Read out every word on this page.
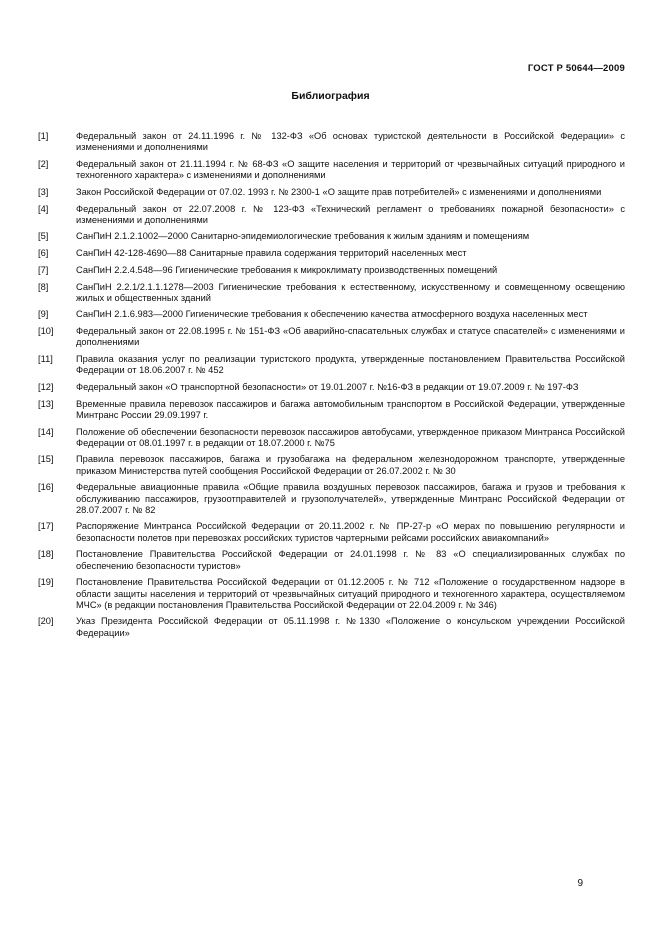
ГОСТ Р 50644—2009
Библиография
[1]	Федеральный закон от 24.11.1996 г. № 132-ФЗ «Об основах туристской деятельности в Российской Федерации» с изменениями и дополнениями
[2]	Федеральный закон от 21.11.1994 г. № 68-ФЗ «О защите населения и территорий от чрезвычайных ситуаций природного и техногенного характера» с изменениями и дополнениями
[3]	Закон Российской Федерации от 07.02. 1993 г. № 2300-1 «О защите прав потребителей» с изменениями и дополнениями
[4]	Федеральный закон от 22.07.2008 г. № 123-ФЗ «Технический регламент о требованиях пожарной безопасности» с изменениями и дополнениями
[5]	СанПиН 2.1.2.1002—2000 Санитарно-эпидемиологические требования к жилым зданиям и помещениям
[6]	СанПиН 42-128-4690—88 Санитарные правила содержания территорий населенных мест
[7]	СанПиН 2.2.4.548—96 Гигиенические требования к микроклимату производственных помещений
[8]	СанПиН 2.2.1/2.1.1.1278—2003 Гигиенические требования к естественному, искусственному и совмещенному освещению жилых и общественных зданий
[9]	СанПиН 2.1.6.983—2000 Гигиенические требования к обеспечению качества атмосферного воздуха населенных мест
[10]	Федеральный закон от 22.08.1995 г. № 151-ФЗ «Об аварийно-спасательных службах и статусе спасателей» с изменениями и дополнениями
[11]	Правила оказания услуг по реализации туристского продукта, утвержденные постановлением Правительства Российской Федерации от 18.06.2007 г. № 452
[12]	Федеральный закон «О транспортной безопасности» от 19.01.2007 г. №16-ФЗ в редакции от 19.07.2009 г. № 197-ФЗ
[13]	Временные правила перевозок пассажиров и багажа автомобильным транспортом в Российской Федерации, утвержденные Минтранс России 29.09.1997 г.
[14]	Положение об обеспечении безопасности перевозок пассажиров автобусами, утвержденное приказом Минтранса Российской Федерации от 08.01.1997 г. в редакции от 18.07.2000 г. №75
[15]	Правила перевозок пассажиров, багажа и грузобагажа на федеральном железнодорожном транспорте, утвержденные приказом Министерства путей сообщения Российской Федерации от 26.07.2002 г. № 30
[16]	Федеральные авиационные правила «Общие правила воздушных перевозок пассажиров, багажа и грузов и требования к обслуживанию пассажиров, грузоотправителей и грузополучателей», утвержденные Минтранс Российской Федерации от 28.07.2007 г. № 82
[17]	Распоряжение Минтранса Российской Федерации от 20.11.2002 г. № ПР-27-р «О мерах по повышению регулярности и безопасности полетов при перевозках российских туристов чартерными рейсами российских авиакомпаний»
[18]	Постановление Правительства Российской Федерации от 24.01.1998 г. № 83 «О специализированных службах по обеспечению безопасности туристов»
[19]	Постановление Правительства Российской Федерации от 01.12.2005 г. № 712 «Положение о государственном надзоре в области защиты населения и территорий от чрезвычайных ситуаций природного и техногенного характера, осуществляемом МЧС» (в редакции постановления Правительства Российской Федерации от 22.04.2009 г. № 346)
[20]	Указ Президента Российской Федерации от 05.11.1998 г. №1330 «Положение о консульском учреждении Российской Федерации»
9
